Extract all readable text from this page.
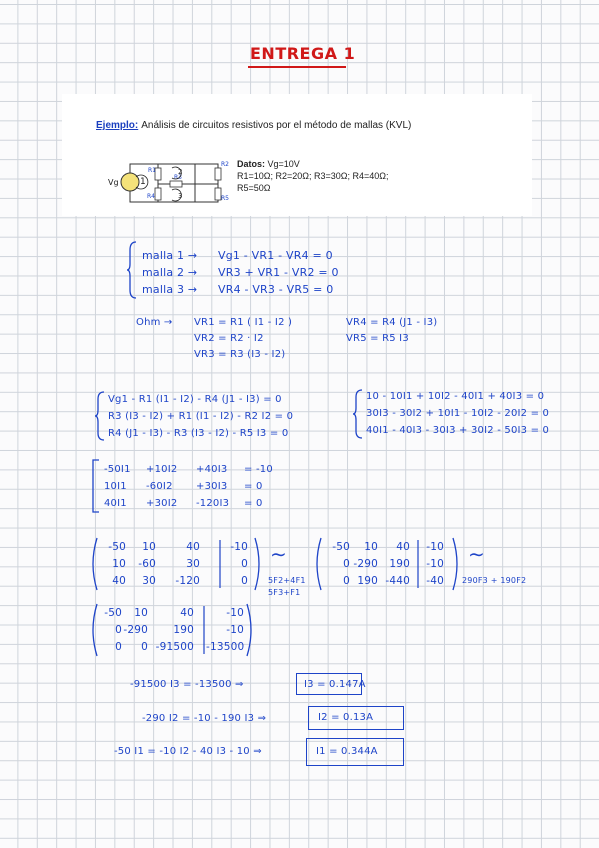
ENTREGA 1
Ejemplo: Análisis de circuitos resistivos por el método de mallas (KVL)
R1
R2
R3
R4	R5
Vg 1
2
3
Datos: Vg=10V
R1=10Ω; R2=20Ω; R3=30Ω; R4=40Ω;
R5=50Ω
malla 1 → Vg1 - VR1 - VR4 = 0
malla 2 → VR3 + VR1 - VR2 = 0
malla 3 → VR4 - VR3 - VR5 = 0
Ohm → VR1 = R1 ( I1 - I2 )
VR2 = R2 · I2
VR3 = R3 (I3 - I2)
VR4 = R4 (J1 - I3)
VR5 = R5 I3
Vg1 - R1 (I1 - I2) - R4 (J1 - I3) = 0
R3 (I3 - I2) + R1 (I1 - I2) - R2 I2 = 0
R4 (J1 - I3) - R3 (I3 - I2) - R5 I3 = 0
10 - 10I1 + 10I2 - 40I1 + 40I3 = 0
30I3 - 30I2 + 10I1 - 10I2 - 20I2 = 0
40I1 - 40I3 - 30I3 + 30I2 - 50I3 = 0
-50I1 +10I2 +40I3 = -10
10I1 -60I2 +30I3 = 0
40I1 +30I2 -120I3 = 0
-50	10	40	-10
10	-60	30	0
40	30	-120	0
∼
5F2+4F1
5F3+F1
-50	10	40	-10
0 -290	190	-10
0 190 -440	-40
∼
290F3 + 190F2
-50	10	40	-10
0 -290	190	-10
0	0 -91500 -13500
-91500 I3 = -13500 ⇒	I3 = 0.147A
-290 I2 = -10 - 190 I3 ⇒	I2 = 0.13A
-50 I1 = -10 I2 - 40 I3 - 10 ⇒	I1 = 0.344A
